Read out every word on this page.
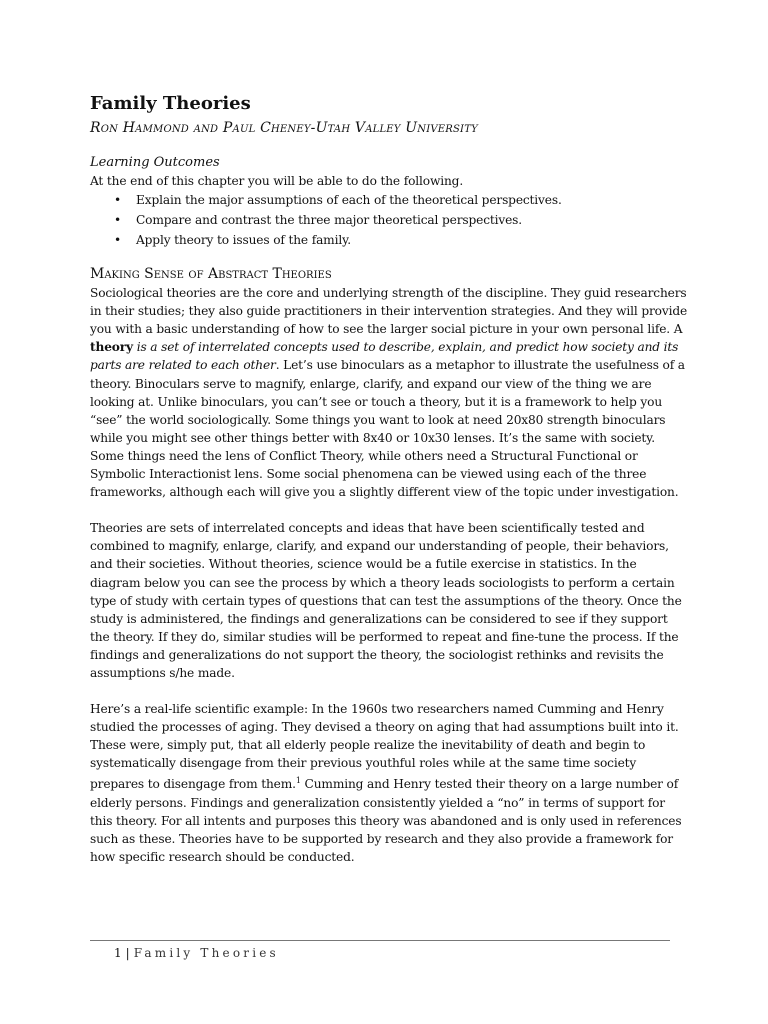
Family Theories

Ron Hammond and Paul Cheney-Utah Valley University

Learning Outcomes

At the end of this chapter you will be able to do the following.

• Explain the major assumptions of each of the theoretical perspectives.
• Compare and contrast the three major theoretical perspectives.
• Apply theory to issues of the family.
Making Sense of Abstract Theories

Sociological theories are the core and underlying strength of the discipline. They guid researchers in their studies; they also guide practitioners in their intervention strategies. And they will provide you with a basic understanding of how to see the larger social picture in your own personal life. A theory is a set of interrelated concepts used to describe, explain, and predict how society and its parts are related to each other. Let’s use binoculars as a metaphor to illustrate the usefulness of a theory. Binoculars serve to magnify, enlarge, clarify, and expand our view of the thing we are looking at. Unlike binoculars, you can’t see or touch a theory, but it is a framework to help you “see” the world sociologically. Some things you want to look at need 20x80 strength binoculars while you might see other things better with 8x40 or 10x30 lenses. It’s the same with society. Some things need the lens of Conflict Theory, while others need a Structural Functional or Symbolic Interactionist lens. Some social phenomena can be viewed using each of the three frameworks, although each will give you a slightly different view of the topic under investigation.

Theories are sets of interrelated concepts and ideas that have been scientifically tested and combined to magnify, enlarge, clarify, and expand our understanding of people, their behaviors, and their societies. Without theories, science would be a futile exercise in statistics. In the diagram below you can see the process by which a theory leads sociologists to perform a certain type of study with certain types of questions that can test the assumptions of the theory. Once the study is administered, the findings and generalizations can be considered to see if they support the theory. If they do, similar studies will be performed to repeat and fine-tune the process. If the findings and generalizations do not support the theory, the sociologist rethinks and revisits the assumptions s/he made.

Here’s a real-life scientific example: In the 1960s two researchers named Cumming and Henry studied the processes of aging. They devised a theory on aging that had assumptions built into it. These were, simply put, that all elderly people realize the inevitability of death and begin to systematically disengage from their previous youthful roles while at the same time society prepares to disengage from them.$^1$ Cumming and Henry tested their theory on a large number of elderly persons. Findings and generalization consistently yielded a “no” in terms of support for this theory. For all intents and purposes this theory was abandoned and is only used in references such as these. Theories have to be supported by research and they also provide a framework for how specific research should be conducted.

1 | Family Theories
